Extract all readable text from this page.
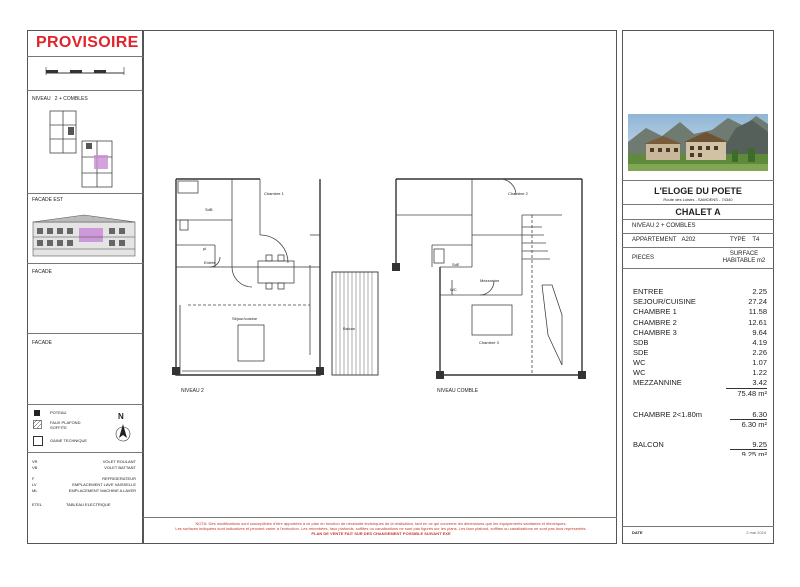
PROVISOIRE
NIVEAU 2 + COMBLES
FACADE EST
FACADE
FACADE
POTEAU
FAUX PLAFOND
SOFFITE
GAINE TECHNIQUE
N
VR	VOLET ROULANT
VB	VOLET BATTANT
F	REFRIGERATEUR
LV	EMPLACEMENT LAVE VAISSELLE
ML	EMPLACEMENT MACHINE A LAVER
ETEL	TABLEAU ELECTRIQUE
SdB
Chambre 1
Entrée
pl.
Séjour/cuisine
Balcon
NIVEAU 2
Chambre 2
SdE
Mezzanine
WC
Chambre 3
NIVEAU COMBLE
NOTA: Des modifications sont susceptibles d'être apportées à ce plan en fonction de nécessité techniques de la réalisation, tant en ce qui concerne les dimensions que les équipements sanitaires et électriques.
Les surfaces indiquées sont indicatives et peuvent varier à l'exécution. Les retombées, faux plafonds, soffites ou canalisations ne sont pas figurés sur les plans. Les faux plafond, soffites ou canalisations ne sont pas tous représentés.
PLAN DE VENTE FAIT SUR DES CHANGEMENT POSSIBLE SUIVANT EXE
L'ELOGE DU POETE
Route des Loisirs - SAMOENS - 74340
CHALET A
NIVEAU 2 + COMBLES
APPARTEMENT A202	TYPE T4
PIECES
SURFACE
HABITABLE m2
ENTREE	2.25
SEJOUR/CUISINE	27.24
CHAMBRE 1	11.58
CHAMBRE 2	12.61
CHAMBRE 3	9.64
SDB	4.19
SDE	2.26
WC	1.07
WC	1.22
MEZZANNINE	3.42
75.48 m²
CHAMBRE 2<1.80m	6.30
6.30 m²
BALCON	9.25
9.25 m²
DATE	2 mai 2024
